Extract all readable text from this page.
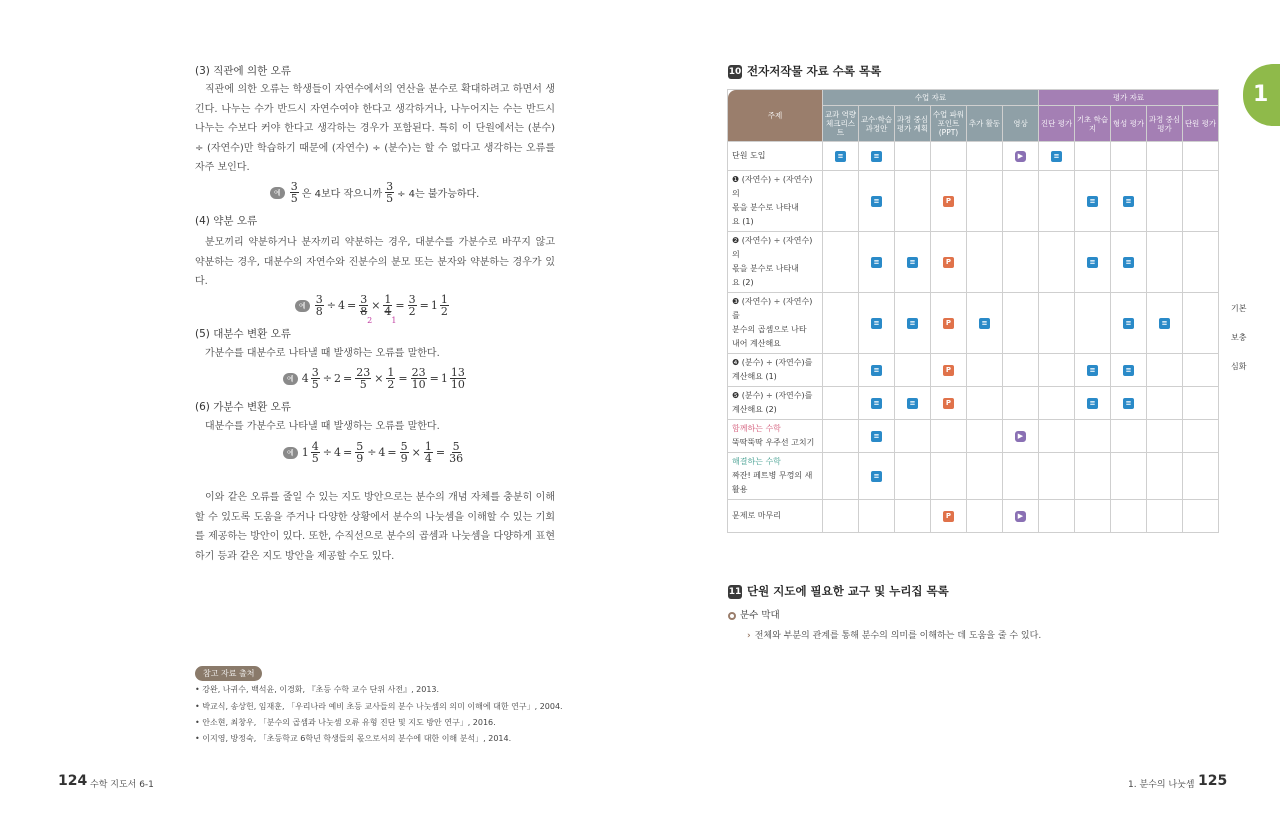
(3) 직관에 의한 오류
직관에 의한 오류는 학생들이 자연수에서의 연산을 분수로 확대하려고 하면서 생긴다. 나누는 수가 반드시 자연수여야 한다고 생각하거나, 나누어지는 수는 반드시 나누는 수보다 커야 한다고 생각하는 경우가 포함된다. 특히 이 단원에서는 (분수) ÷ (자연수)만 학습하기 때문에 (자연수) ÷ (분수)는 할 수 없다고 생각하는 오류를 자주 보인다.
예 $\frac{3}{5}$ 은 4보다 작으니까 $\frac{3}{5} \div 4$는 불가능하다.
(4) 약분 오류
분모끼리 약분하거나 분자끼리 약분하는 경우, 대분수를 가분수로 바꾸지 않고 약분하는 경우, 대분수의 자연수와 진분수의 분모 또는 분자와 약분하는 경우가 있다.
예 $\frac{3}{8} \div 4 = 3$
8
2
× 1
4
1
= $\frac{3}{2} = 1 \frac{1}{2}$
(5) 대분수 변환 오류
가분수를 대분수로 나타낼 때 발생하는 오류를 말한다.
예 $4 \frac{3}{5} \div 2 = \frac{23}{5} \times \frac{1}{2} = \frac{23}{10} = 1 \frac{13}{10}$
(6) 가분수 변환 오류
대분수를 가분수로 나타낼 때 발생하는 오류를 말한다.
예 $1 \frac{4}{5} \div 4 = \frac{5}{9} \div 4 = \frac{5}{9} \times \frac{1}{4} = \frac{5}{36}$
이와 같은 오류를 줄일 수 있는 지도 방안으로는 분수의 개념 자체를 충분히 이해할 수 있도록 도움을 주거나 다양한 상황에서 분수의 나눗셈을 이해할 수 있는 기회를 제공하는 방안이 있다. 또한, 수직선으로 분수의 곱셈과 나눗셈을 다양하게 표현하기 등과 같은 지도 방안을 제공할 수도 있다.
참고 자료 출처
• 강완, 나귀수, 백석윤, 이경화, 『초등 수학 교수 단위 사전』, 2013.
• 박교식, 송상헌, 임재훈, 「우리나라 예비 초등 교사들의 분수 나눗셈의 의미 이해에 대한 연구」, 2004.
• 안소현, 최창우, 「분수의 곱셈과 나눗셈 오류 유형 진단 및 지도 방안 연구」, 2016.
• 이지영, 방정숙, 「초등학교 6학년 학생들의 몫으로서의 분수에 대한 이해 분석」, 2014.
124 수학 지도서 6-1
1
10 전자저작물 자료 수록 목록
주제	수업 자료						평가 자료					
	교과 역량 체크리스트	교수·학습 과정안	과정 중심 평가 계획	수업 파워포인트 (PPT)	추가 활동	영상	진단 평가	기초 학습지	형성 평가	과정 중심 평가	단원 평가	

단원 도입	≡	≡				▶	≡					기본
보충
심화

❶ (자연수) ÷ (자연수)의
몫을 분수로 나타내
요 (1)		≡		P				≡	≡			

❷ (자연수) ÷ (자연수)의
몫을 분수로 나타내
요 (2)		≡	≡	P				≡	≡			

❸ (자연수) ÷ (자연수)를
분수의 곱셈으로 나타
내어 계산해요		≡	≡	P	≡				≡	≡		

❹ (분수) ÷ (자연수)를
계산해요 (1)		≡		P				≡	≡			

❺ (분수) ÷ (자연수)를
계산해요 (2)		≡	≡	P				≡	≡			

함께하는 수학
뚝딱뚝딱 우주선 고치기		≡				▶						

해결하는 수학
짜잔! 페트병 무껑의 새
활용		≡										

문제로 마무리				P		▶						
11 단원 지도에 필요한 교구 및 누리집 목록
분수 막대
› 전체와 부분의 관계를 통해 분수의 의미를 이해하는 데 도움을 줄 수 있다.
1. 분수의 나눗셈 125
